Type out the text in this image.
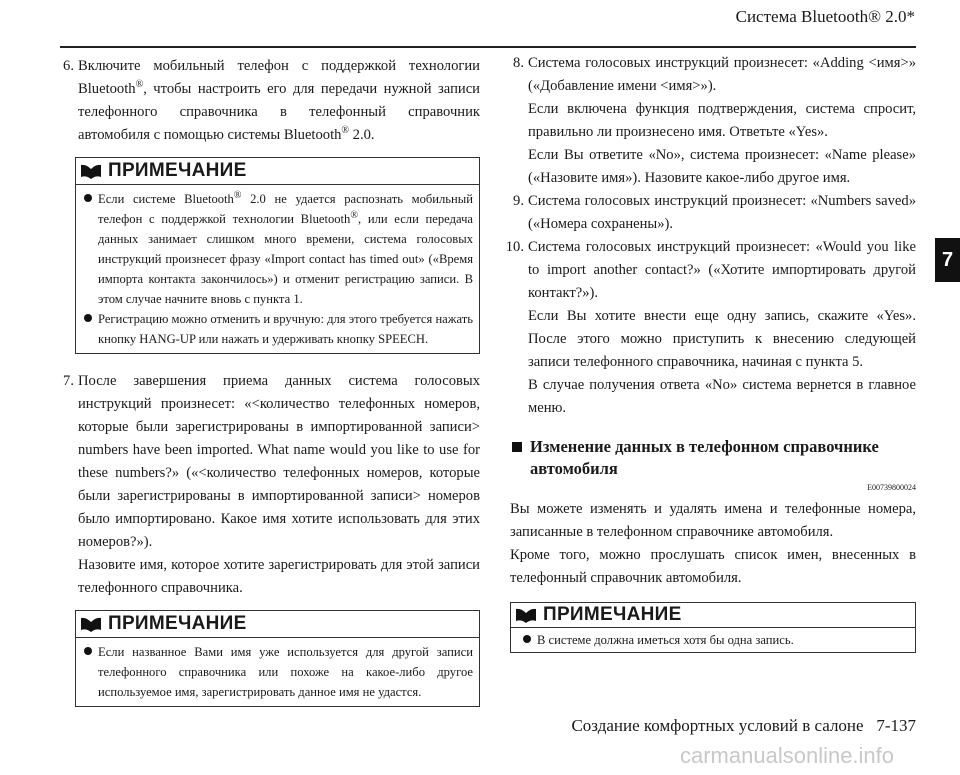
Система Bluetooth® 2.0*
7
6. Включите мобильный телефон с поддержкой технологии Bluetooth®, чтобы настроить его для передачи нужной записи телефонного справочника в телефонный справочник автомобиля с помощью системы Bluetooth® 2.0.

ПРИМЕЧАНИЕ
Если системе Bluetooth® 2.0 не удается распознать мобильный телефон с поддержкой технологии Bluetooth®, или если передача данных занимает слишком много времени, система голосовых инструкций произнесет фразу «Import contact has timed out» («Время импорта контакта закончилось») и отменит регистрацию записи. В этом случае начните вновь с пункта 1.
Регистрацию можно отменить и вручную: для этого требуется нажать кнопку HANG-UP или нажать и удерживать кнопку SPEECH.
7. После завершения приема данных система голосовых инструкций произнесет: «<количество телефонных номеров, которые были зарегистрированы в импортированной записи> numbers have been imported. What name would you like to use for these numbers?» («<количество телефонных номеров, которые были зарегистрированы в импортированной записи> номеров было импортировано. Какое имя хотите использовать для этих номеров?»).

Назовите имя, которое хотите зарегистрировать для этой записи телефонного справочника.

ПРИМЕЧАНИЕ
Если названное Вами имя уже используется для другой записи телефонного справочника или похоже на какое-либо другое используемое имя, зарегистрировать данное имя не удастся.
8. Система голосовых инструкций произнесет: «Adding <имя>» («Добавление имени <имя>»).

Если включена функция подтверждения, система спросит, правильно ли произнесено имя. Ответьте «Yes».

Если Вы ответите «No», система произнесет: «Name please» («Назовите имя»). Назовите какое-либо другое имя.

9. Система голосовых инструкций произнесет: «Numbers saved» («Номера сохранены»).

10. Система голосовых инструкций произнесет: «Would you like to import another contact?» («Хотите импортировать другой контакт?»).

Если Вы хотите внести еще одну запись, скажите «Yes». После этого можно приступить к внесению следующей записи телефонного справочника, начиная с пункта 5.

В случае получения ответа «No» система вернется в главное меню.

Изменение данных в телефонном справочнике автомобиля
E00739800024

Вы можете изменять и удалять имена и телефонные номера, записанные в телефонном справочнике автомобиля.

Кроме того, можно прослушать список имен, внесенных в телефонный справочник автомобиля.

ПРИМЕЧАНИЕ
В системе должна иметься хотя бы одна запись.
Создание комфортных условий в салоне 7-137
carmanualsonline.info
